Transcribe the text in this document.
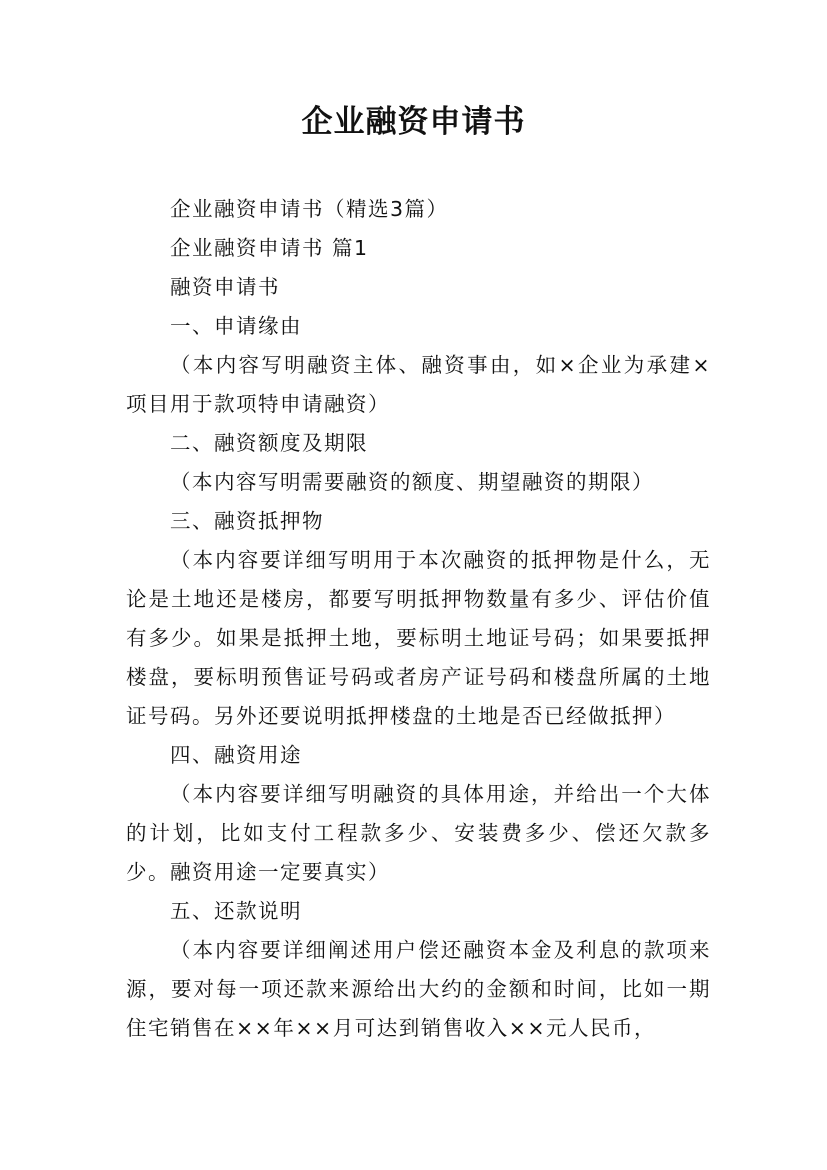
企业融资申请书

企业融资申请书（精选3篇）

企业融资申请书 篇1

融资申请书

一、申请缘由

（本内容写明融资主体、融资事由，如×企业为承建×项目用于款项特申请融资）

二、融资额度及期限

（本内容写明需要融资的额度、期望融资的期限）

三、融资抵押物

（本内容要详细写明用于本次融资的抵押物是什么，无论是土地还是楼房，都要写明抵押物数量有多少、评估价值有多少。如果是抵押土地，要标明土地证号码；如果要抵押楼盘，要标明预售证号码或者房产证号码和楼盘所属的土地证号码。另外还要说明抵押楼盘的土地是否已经做抵押）

四、融资用途

（本内容要详细写明融资的具体用途，并给出一个大体的计划，比如支付工程款多少、安装费多少、偿还欠款多少。融资用途一定要真实）

五、还款说明

（本内容要详细阐述用户偿还融资本金及利息的款项来源，要对每一项还款来源给出大约的金额和时间，比如一期住宅销售在××年××月可达到销售收入××元人民币，
